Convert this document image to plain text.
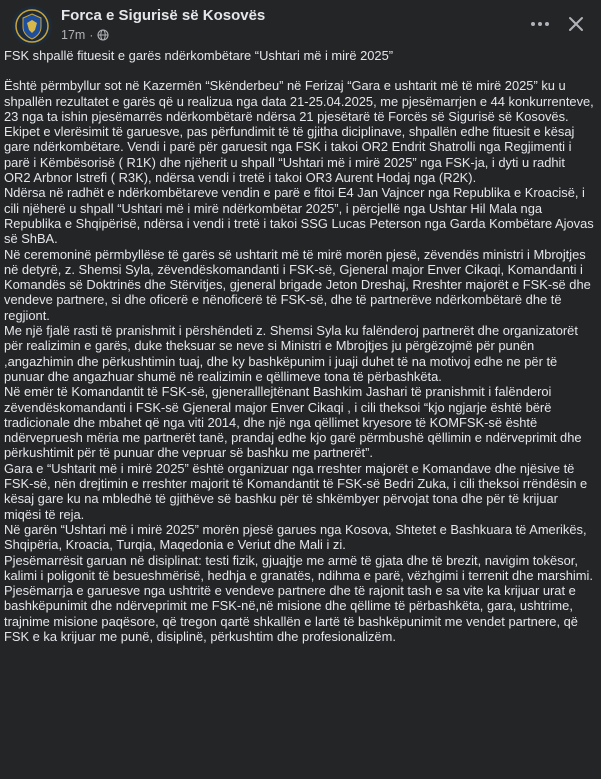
Forca e Sigurisë së Kosovës
17m ·

FSK shpallë fituesit e garës ndërkombëtare “Ushtari më i mirë 2025”

Është përmbyllur sot në Kazermën “Skënderbeu” në Ferizaj “Gara e ushtarit më të mirë 2025” ku u shpallën rezultatet e garës që u realizua nga data 21-25.04.2025, me pjesëmarrjen e 44 konkurrenteve, 23 nga ta ishin pjesëmarrës ndërkombëtarë ndërsa 21 pjesëtarë të Forcës së Sigurisë së Kosovës.

Ekipet e vlerësimit të garuesve, pas përfundimit të të gjitha diciplinave, shpallën edhe fituesit e kësaj gare ndërkombëtare. Vendi i parë për garuesit nga FSK i takoi OR2 Endrit Shatrolli nga Regjimenti i parë i Këmbësorisë ( R1K) dhe njëherit u shpall “Ushtari më i mirë 2025” nga FSK-ja, i dyti u radhit OR2 Arbnor Istrefi ( R3K), ndërsa vendi i tretë i takoi OR3 Aurent Hodaj nga (R2K).

Ndërsa në radhët e ndërkombëtareve vendin e parë e fitoi E4 Jan Vajncer nga Republika e Kroacisë, i cili njëherë u shpall “Ushtari më i mirë ndërkombëtar 2025”, i përcjellë nga Ushtar Hil Mala nga Republika e Shqipërisë, ndërsa i vendi i tretë i takoi SSG Lucas Peterson nga Garda Kombëtare Ajovas së ShBA.

Në ceremoninë përmbyllëse të garës së ushtarit më të mirë morën pjesë, zëvendës ministri i Mbrojtjes në detyrë, z. Shemsi Syla, zëvendëskomandanti i FSK-së, Gjeneral major Enver Cikaqi, Komandanti i Komandës së Doktrinës dhe Stërvitjes, gjeneral brigade Jeton Dreshaj, Rreshter majorët e FSK-së dhe vendeve partnere, si dhe oficerë e nënoficerë të FSK-së, dhe të partnerëve ndërkombëtarë dhe të regjiont.

Me një fjalë rasti të pranishmit i përshëndeti z. Shemsi Syla ku falënderoj partnerët dhe organizatorët për realizimin e garës, duke theksuar se neve si Ministri e Mbrojtjes ju përgëzojmë për punën ,angazhimin dhe përkushtimin tuaj, dhe ky bashkëpunim i juaji duhet të na motivoj edhe ne për të punuar dhe angazhuar shumë në realizimin e qëllimeve tona të përbashkëta.

Në emër të Komandantit të FSK-së, gjeneralllejtënant Bashkim Jashari të pranishmit i falënderoi zëvendëskomandanti i FSK-së Gjeneral major Enver Cikaqi , i cili theksoi “kjo ngjarje është bërë tradicionale dhe mbahet që nga viti 2014, dhe një nga qëllimet kryesore të KOMFSK-së është ndërvepruesh mëria me partnerët tanë, prandaj edhe kjo garë përmbushë qëllimin e ndërveprimit dhe përkushtimit për të punuar dhe vepruar së bashku me partnerët”.

Gara e “Ushtarit më i mirë 2025” është organizuar nga rreshter majorët e Komandave dhe njësive të FSK-së, nën drejtimin e rreshter majorit të Komandantit të FSK-së Bedri Zuka, i cili theksoi rrëndësin e kësaj gare ku na mbledhë të gjithëve së bashku për të shkëmbyer përvojat tona dhe për të krijuar miqësi të reja.

Në garën “Ushtari më i mirë 2025” morën pjesë garues nga Kosova, Shtetet e Bashkuara të Amerikës, Shqipëria, Kroacia, Turqia, Maqedonia e Veriut dhe Mali i zi.

Pjesëmarrësit garuan në disiplinat: testi fizik, gjuajtje me armë të gjata dhe të brezit, navigim tokësor, kalimi i poligonit të besueshmërisë, hedhja e granatës, ndihma e parë, vëzhgimi i terrenit dhe marshimi.

Pjesëmarrja e garuesve nga ushtritë e vendeve partnere dhe të rajonit tash e sa vite ka krijuar urat e bashkëpunimit dhe ndërveprimit me FSK-në,në misione dhe qëllime të përbashkëta, gara, ushtrime, trajnime misione paqësore, që tregon qartë shkallën e lartë të bashkëpunimit me vendet partnere, që FSK e ka krijuar me punë, disiplinë, përkushtim dhe profesionalizëm.
